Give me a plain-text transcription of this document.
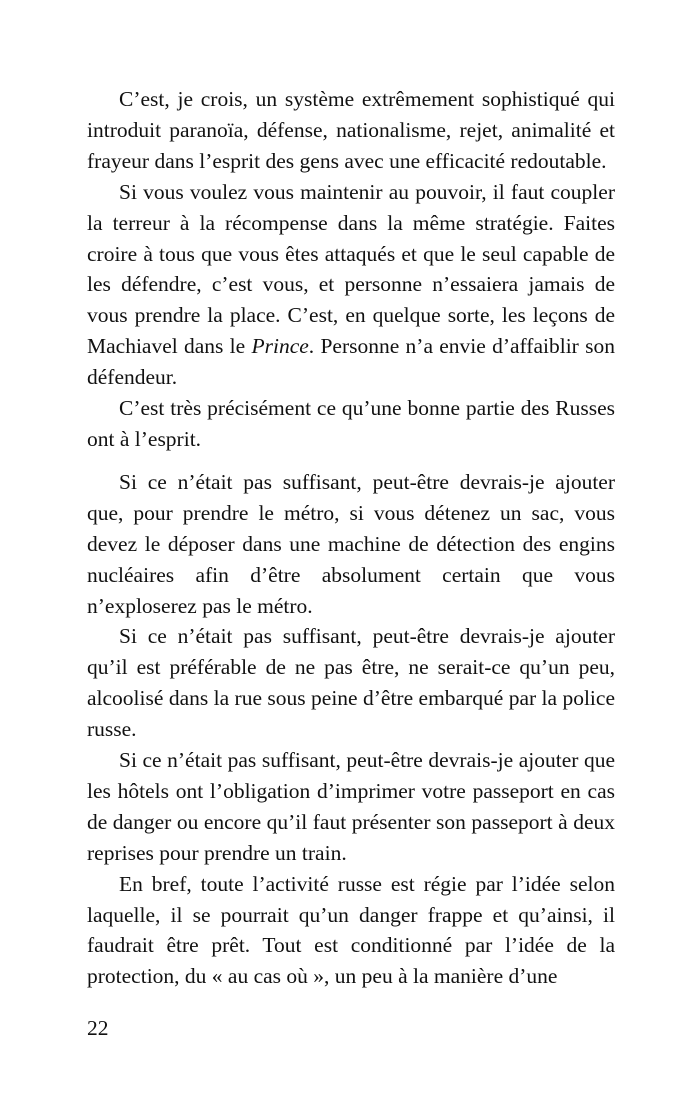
C’est, je crois, un système extrêmement sophistiqué qui introduit paranoïa, défense, nationalisme, rejet, animalité et frayeur dans l’esprit des gens avec une efficacité redoutable.

Si vous voulez vous maintenir au pouvoir, il faut coupler la terreur à la récompense dans la même stratégie. Faites croire à tous que vous êtes attaqués et que le seul capable de les défendre, c’est vous, et personne n’essaiera jamais de vous prendre la place. C’est, en quelque sorte, les leçons de Machiavel dans le Prince. Personne n’a envie d’affaiblir son défendeur.

C’est très précisément ce qu’une bonne partie des Russes ont à l’esprit.

Si ce n’était pas suffisant, peut-être devrais-je ajouter que, pour prendre le métro, si vous détenez un sac, vous devez le déposer dans une machine de détection des engins nucléaires afin d’être absolument certain que vous n’exploserez pas le métro.

Si ce n’était pas suffisant, peut-être devrais-je ajouter qu’il est préférable de ne pas être, ne serait-ce qu’un peu, alcoolisé dans la rue sous peine d’être embarqué par la police russe.

Si ce n’était pas suffisant, peut-être devrais-je ajouter que les hôtels ont l’obligation d’imprimer votre passeport en cas de danger ou encore qu’il faut présenter son passeport à deux reprises pour prendre un train.

En bref, toute l’activité russe est régie par l’idée selon laquelle, il se pourrait qu’un danger frappe et qu’ainsi, il faudrait être prêt. Tout est conditionné par l’idée de la protection, du « au cas où », un peu à la manière d’une

22
